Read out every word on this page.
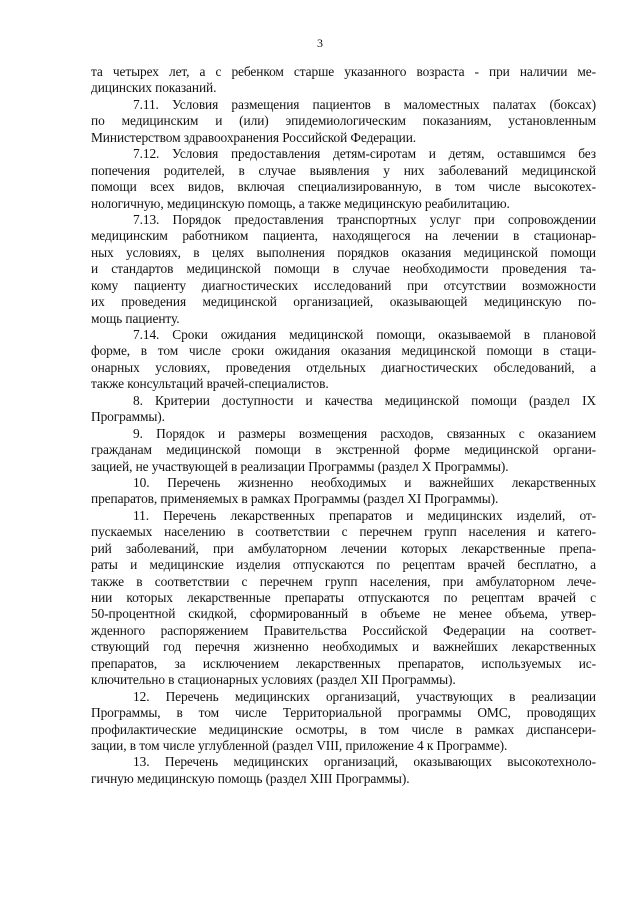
3
та четырех лет, а с ребенком старше указанного возраста - при наличии ме-
дицинских показаний.
7.11. Условия размещения пациентов в маломестных палатах (боксах)
по медицинским и (или) эпидемиологическим показаниям, установленным
Министерством здравоохранения Российской Федерации.
7.12. Условия предоставления детям-сиротам и детям, оставшимся без
попечения родителей, в случае выявления у них заболеваний медицинской
помощи всех видов, включая специализированную, в том числе высокотех-
нологичную, медицинскую помощь, а также медицинскую реабилитацию.
7.13. Порядок предоставления транспортных услуг при сопровождении
медицинским работником пациента, находящегося на лечении в стационар-
ных условиях, в целях выполнения порядков оказания медицинской помощи
и стандартов медицинской помощи в случае необходимости проведения та-
кому пациенту диагностических исследований при отсутствии возможности
их проведения медицинской организацией, оказывающей медицинскую по-
мощь пациенту.
7.14. Сроки ожидания медицинской помощи, оказываемой в плановой
форме, в том числе сроки ожидания оказания медицинской помощи в стаци-
онарных условиях, проведения отдельных диагностических обследований, а
также консультаций врачей-специалистов.
8. Критерии доступности и качества медицинской помощи (раздел IX
Программы).
9. Порядок и размеры возмещения расходов, связанных с оказанием
гражданам медицинской помощи в экстренной форме медицинской органи-
зацией, не участвующей в реализации Программы (раздел X Программы).
10. Перечень жизненно необходимых и важнейших лекарственных
препаратов, применяемых в рамках Программы (раздел XI Программы).
11. Перечень лекарственных препаратов и медицинских изделий, от-
пускаемых населению в соответствии с перечнем групп населения и катего-
рий заболеваний, при амбулаторном лечении которых лекарственные препа-
раты и медицинские изделия отпускаются по рецептам врачей бесплатно, а
также в соответствии с перечнем групп населения, при амбулаторном лече-
нии которых лекарственные препараты отпускаются по рецептам врачей с
50-процентной скидкой, сформированный в объеме не менее объема, утвер-
жденного распоряжением Правительства Российской Федерации на соответ-
ствующий год перечня жизненно необходимых и важнейших лекарственных
препаратов, за исключением лекарственных препаратов, используемых ис-
ключительно в стационарных условиях (раздел XII Программы).
12. Перечень медицинских организаций, участвующих в реализации
Программы, в том числе Территориальной программы ОМС, проводящих
профилактические медицинские осмотры, в том числе в рамках диспансери-
зации, в том числе углубленной (раздел VIII, приложение 4 к Программе).
13. Перечень медицинских организаций, оказывающих высокотехноло-
гичную медицинскую помощь (раздел XIII Программы).
